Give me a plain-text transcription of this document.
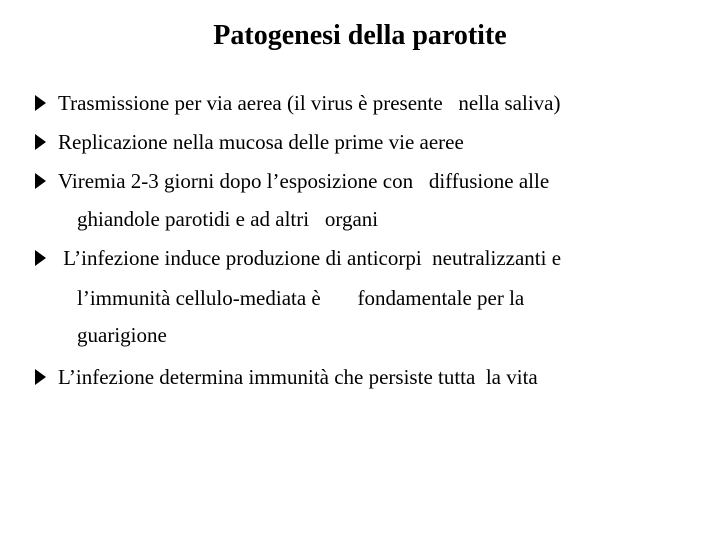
Patogenesi della parotite
Trasmissione per via aerea (il virus è presente   nella saliva)
Replicazione nella mucosa delle prime vie aeree
Viremia 2-3 giorni dopo l’esposizione con   diffusione alle
ghiandole parotidi e ad altri   organi
L’infezione induce produzione di anticorpi  neutralizzanti e
l’immunità cellulo-mediata è       fondamentale per la
guarigione
L’infezione determina immunità che persiste tutta  la vita
